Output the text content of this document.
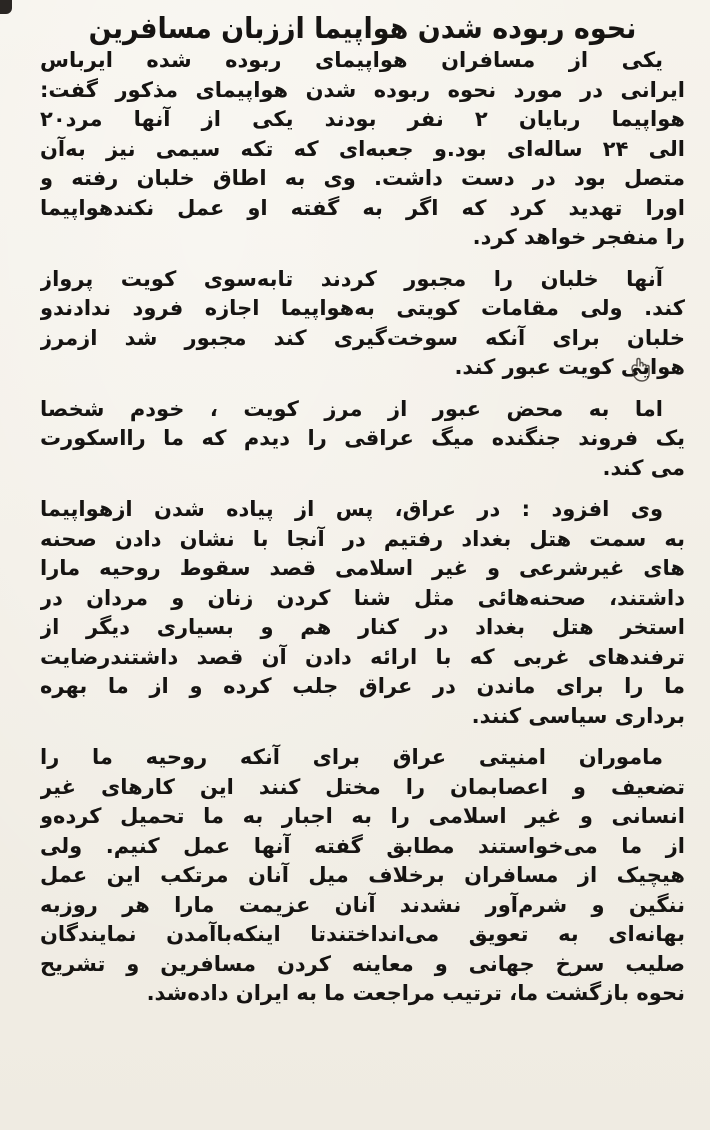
نحوه ربوده شدن هواپیما اززبان مسافرین
یکی از مسافران هواپیمای ربوده شده ایرباس
ایرانی در مورد نحوه ربوده شدن هواپیمای مذکور گفت:
هواپیما ربایان ۲ نفر بودند یکی از آنها مرد۲۰
الی ۲۴ ساله‌ای بود.و جعبه‌ای که تکه سیمی نیز به‌آن
متصل بود در دست داشت. وی به اطاق خلبان رفته و
اورا تهدید کرد که اگر به گفته او عمل نکندهواپیما
را منفجر خواهد کرد.
آنها خلبان را مجبور کردند تابه‌سوی کویت پرواز
کند. ولی مقامات کویتی به‌هواپیما اجازه فرود ندادندو
خلبان برای آنکه سوخت‌گیری کند مجبور شد ازمرز
هوایی کویت عبور کند.
اما به محض عبور از مرز کویت ، خودم شخصا
یک فروند جنگنده میگ عراقی را دیدم که ما رااسکورت
می کند.
وی افزود : در عراق، پس از پیاده شدن ازهواپیما
به سمت هتل بغداد رفتیم در آنجا با نشان دادن صحنه
های غیرشرعی و غیر اسلامی قصد سقوط روحیه مارا
داشتند، صحنه‌هائی مثل شنا کردن زنان و مردان در
استخر هتل بغداد در کنار هم و بسیاری دیگر از
ترفندهای غربی که با ارائه دادن آن قصد داشتندرضایت
ما را برای ماندن در عراق جلب کرده و از ما بهره
برداری سیاسی کنند.
ماموران امنیتی عراق برای آنکه روحیه ما را
تضعیف و اعصابمان را مختل کنند این کارهای غیر
انسانی و غیر اسلامی را به اجبار به ما تحمیل کرده‌و
از ما می‌خواستند مطابق گفته آنها عمل کنیم. ولی
هیچیک از مسافران برخلاف میل آنان مرتکب این عمل
ننگین و شرم‌آور نشدند آنان عزیمت مارا هر روزبه
بهانه‌ای به تعویق می‌انداختندتا اینکه‌باآمدن نمایندگان
صلیب سرخ جهانی و معاینه کردن مسافرین و تشریح
نحوه بازگشت ما، ترتیب مراجعت ما به ایران داده‌شد.
